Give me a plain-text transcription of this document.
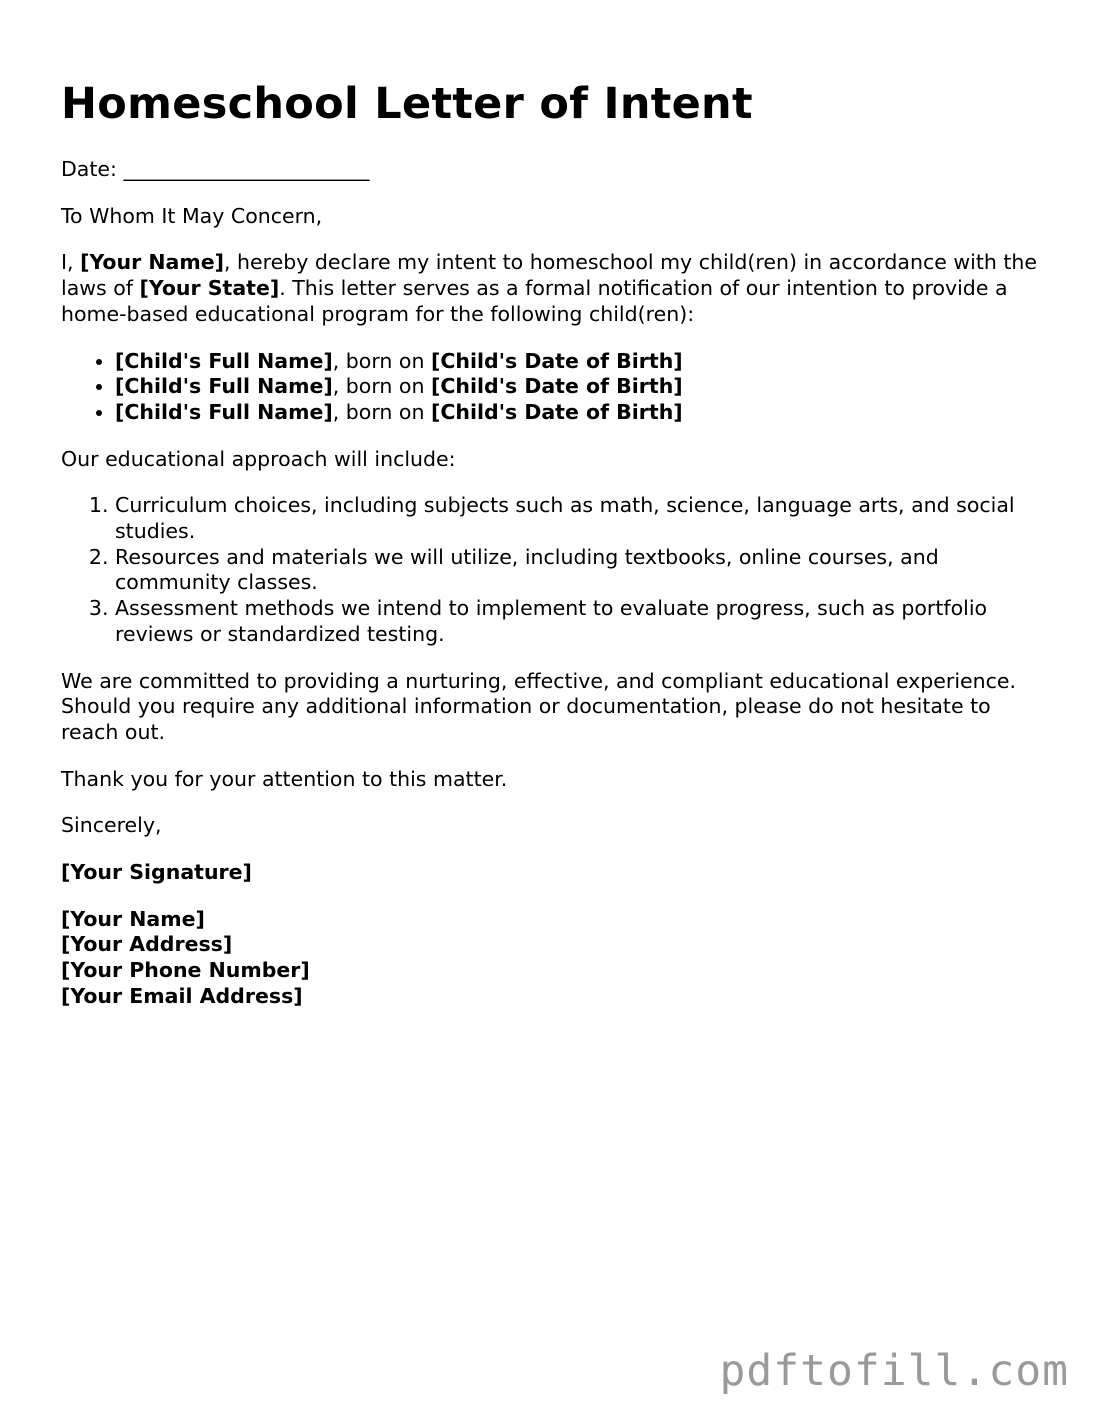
Homeschool Letter of Intent

Date: ________________________

To Whom It May Concern,

I, [Your Name], hereby declare my intent to homeschool my child(ren) in accordance with the laws of [Your State]. This letter serves as a formal notification of our intention to provide a home-based educational program for the following child(ren):

• [Child's Full Name], born on [Child's Date of Birth]
• [Child's Full Name], born on [Child's Date of Birth]
• [Child's Full Name], born on [Child's Date of Birth]

Our educational approach will include:

1. Curriculum choices, including subjects such as math, science, language arts, and social studies.
2. Resources and materials we will utilize, including textbooks, online courses, and community classes.
3. Assessment methods we intend to implement to evaluate progress, such as portfolio reviews or standardized testing.

We are committed to providing a nurturing, effective, and compliant educational experience. Should you require any additional information or documentation, please do not hesitate to reach out.

Thank you for your attention to this matter.

Sincerely,

[Your Signature]

[Your Name]
[Your Address]
[Your Phone Number]
[Your Email Address]

pdftofill.com
